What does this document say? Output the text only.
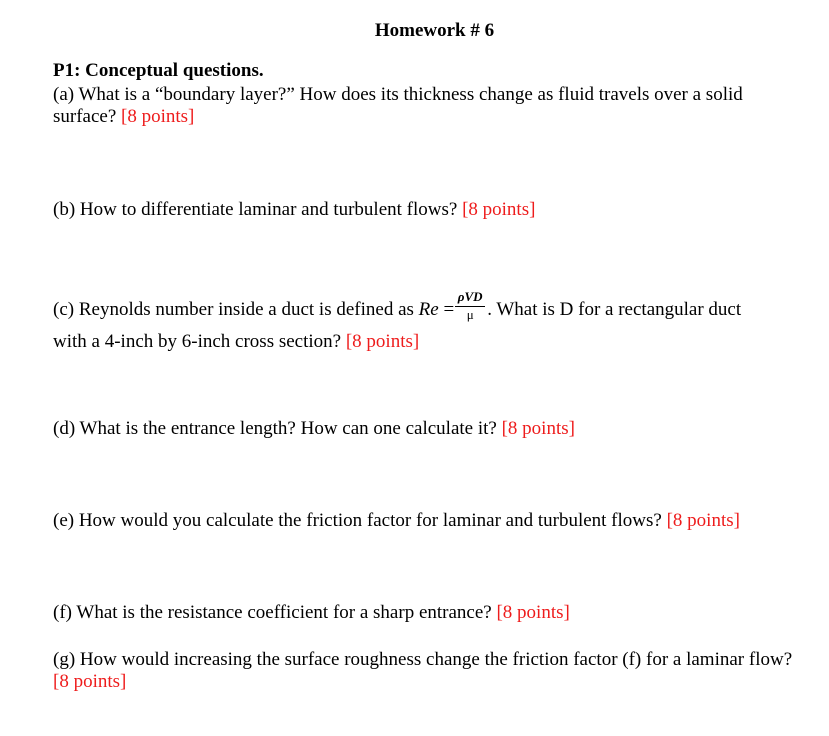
Homework # 6
P1: Conceptual questions.
(a) What is a “boundary layer?” How does its thickness change as fluid travels over a solid surface? [8 points]
(b) How to differentiate laminar and turbulent flows? [8 points]
(c) Reynolds number inside a duct is defined as $Re = \frac{\text{ρVD}}{\mu}$ . What is D for a rectangular duct
with a 4-inch by 6-inch cross section? [8 points]
(d) What is the entrance length? How can one calculate it? [8 points]
(e) How would you calculate the friction factor for laminar and turbulent flows? [8 points]
(f) What is the resistance coefficient for a sharp entrance? [8 points]
(g) How would increasing the surface roughness change the friction factor (f) for a laminar flow? [8 points]
